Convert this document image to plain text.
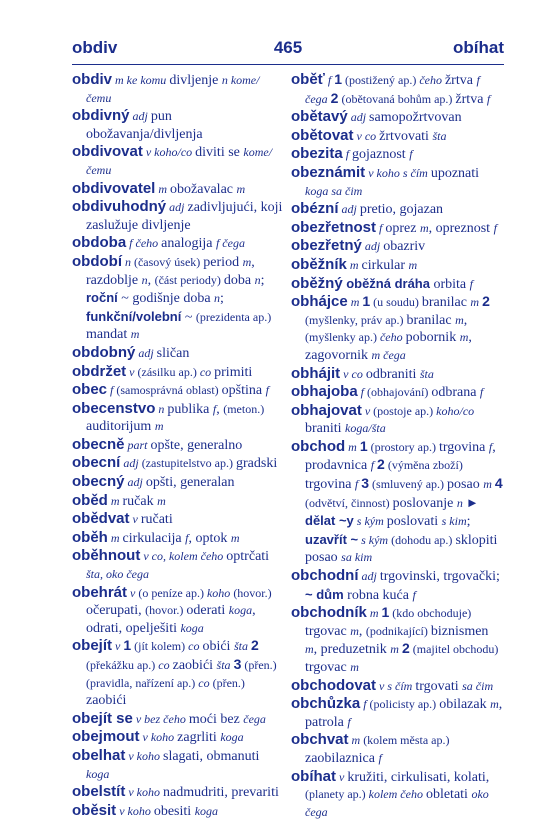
obdiv	465	obíhat

obdiv m ke komu divljenje n kome/čemu

obdivný adj pun obožavanja/divljenja

obdivovat v koho/co diviti se kome/čemu

obdivovatel m obožavalac m

obdivuhodný adj zadivljujući, koji zaslužuje divljenje

obdoba f čeho analogija f čega

období n (časový úsek) period m, razdoblje n, (část periody) doba n; roční ~ godišnje doba n; funkční/volební ~ (prezidenta ap.) mandat m

obdobný adj sličan

obdržet v (zásilku ap.) co primiti

obec f (samosprávná oblast) opština f

obecenstvo n publika f, (meton.) auditorijum m

obecně part opšte, generalno

obecní adj (zastupitelstvo ap.) gradski

obecný adj opšti, generalan

oběd m ručak m

obědvat v ručati

oběh m cirkulacija f, optok m

oběhnout v co, kolem čeho optrčati šta, oko čega

obehrát v (o peníze ap.) koho (hovor.) očerupati, (hovor.) oderati koga, odrati, opelješiti koga

obejít v 1 (jít kolem) co obići šta 2 (překážku ap.) co zaobići šta 3 (přen.) (pravidla, nařízení ap.) co (přen.) zaobići

obejít se v bez čeho moći bez čega

obejmout v koho zagrliti koga

obelhat v koho slagati, obmanuti koga

obelstít v koho nadmudriti, prevariti

oběsit v koho obesiti koga

oběť f 1 (postižený ap.) čeho žrtva f čega 2 (obětovaná bohům ap.) žrtva f

obětavý adj samopožrtvovan

obětovat v co žrtvovati šta

obezita f gojaznost f

obeznámit v koho s čím upoznati koga sa čim

obézní adj pretio, gojazan

obezřetnost f oprez m, opreznost f

obezřetný adj obazriv

oběžník m cirkular m

oběžný oběžná dráha orbita f

obhájce m 1 (u soudu) branilac m 2 (myšlenky, práv ap.) branilac m, (myšlenky ap.) čeho pobornik m, zagovornik m čega

obhájit v co odbraniti šta

obhajoba f (obhajování) odbrana f

obhajovat v (postoje ap.) koho/co braniti koga/šta

obchod m 1 (prostory ap.) trgovina f, prodavnica f 2 (výměna zboží) trgovina f 3 (smluvený ap.) posao m 4 (odvětví, činnost) poslovanje n ► dělat ~y s kým poslovati s kim; uzavřít ~ s kým (dohodu ap.) sklopiti posao sa kim

obchodní adj trgovinski, trgovački; ~ dům robna kuća f

obchodník m 1 (kdo obchoduje) trgovac m, (podnikající) biznismen m, preduzetnik m 2 (majitel obchodu) trgovac m

obchodovat v s čím trgovati sa čim

obchůzka f (policisty ap.) obilazak m, patrola f

obchvat m (kolem města ap.) zaobilaznica f

obíhat v kružiti, cirkulisati, kolati, (planety ap.) kolem čeho obletati oko čega
